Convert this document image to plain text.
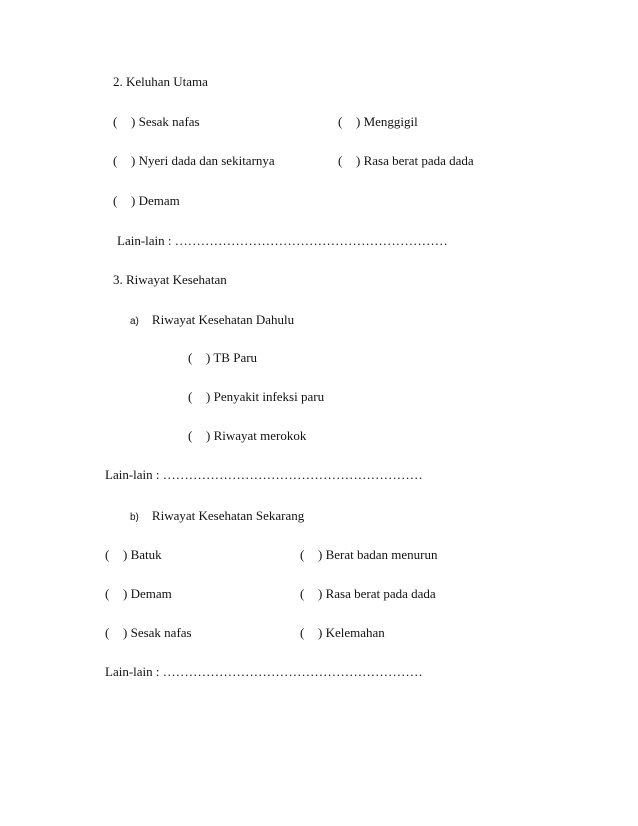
2. Keluhan Utama
( ) Sesak nafas	( ) Menggigil
( ) Nyeri dada dan sekitarnya	( ) Rasa berat pada dada
( ) Demam
Lain-lain : ………………………………………………………
3. Riwayat Kesehatan
a) Riwayat Kesehatan Dahulu
( ) TB Paru
( ) Penyakit infeksi paru
( ) Riwayat merokok
Lain-lain : ……………………………………………………
b) Riwayat Kesehatan Sekarang
( ) Batuk	( ) Berat badan menurun
( ) Demam	( ) Rasa berat pada dada
( ) Sesak nafas	( ) Kelemahan
Lain-lain : ……………………………………………………
